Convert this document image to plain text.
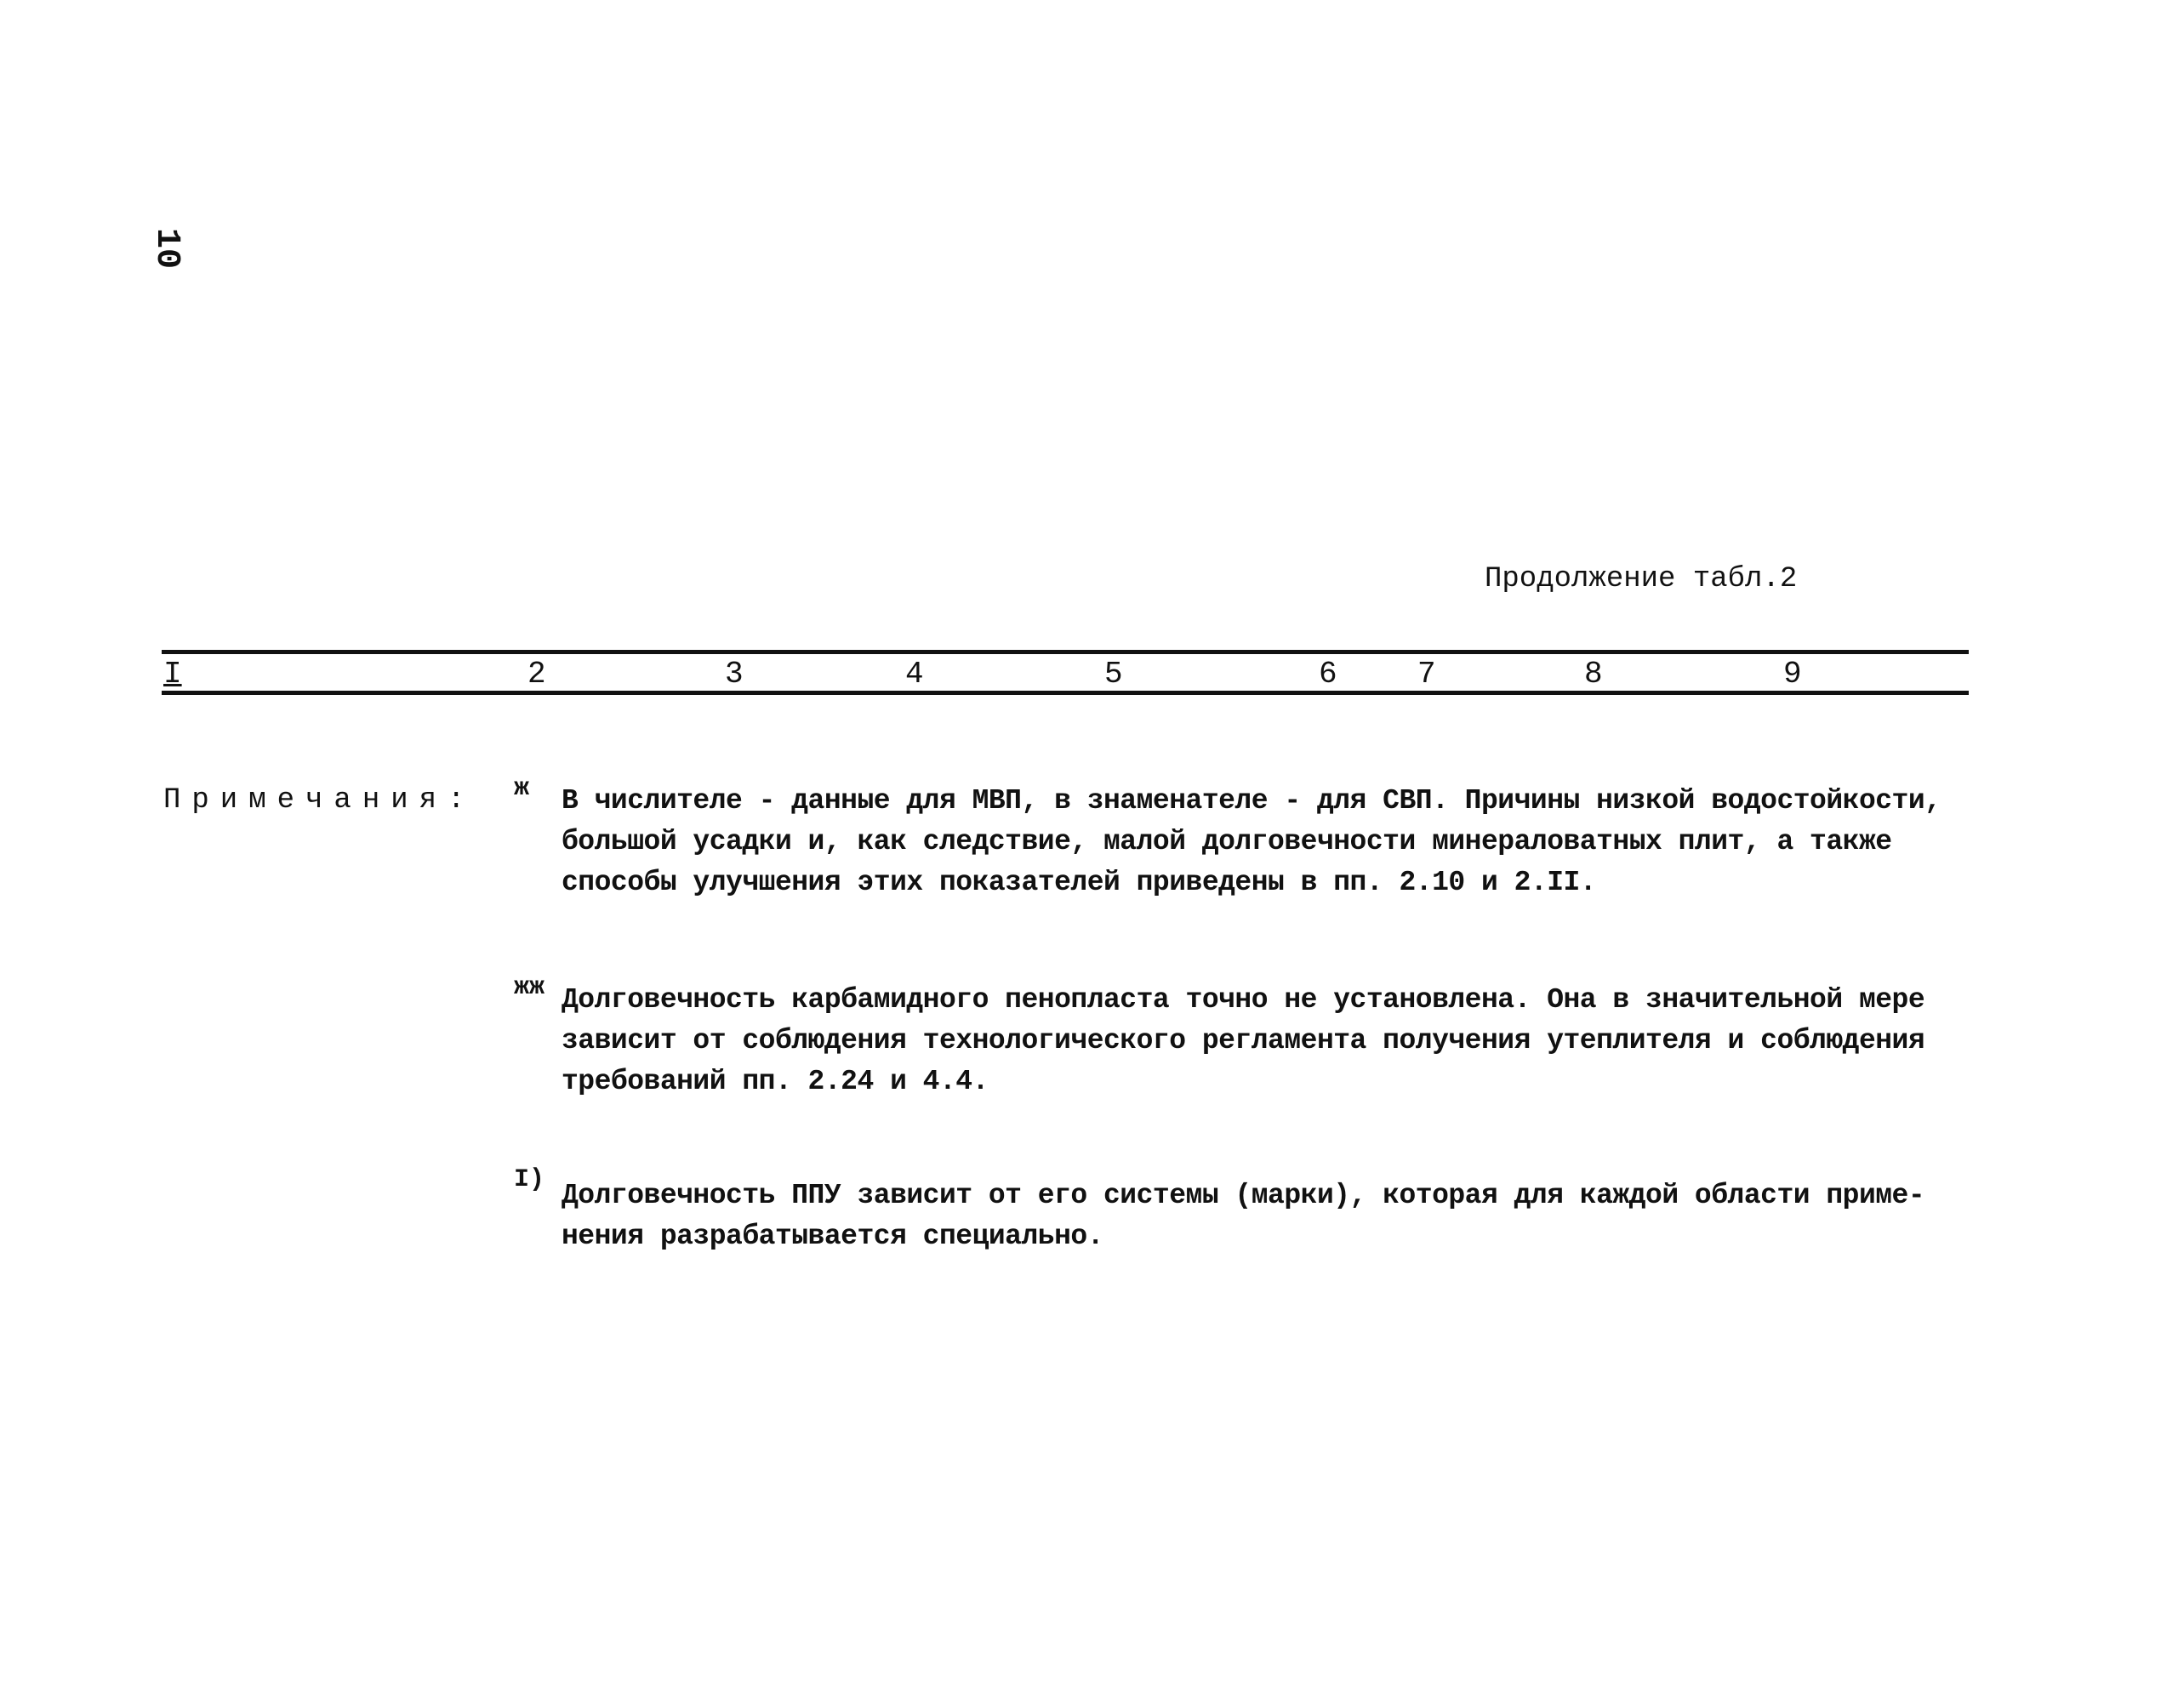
10
Продолжение табл.2
I	2	3	4	5	6	7	8	9
Примечания: ж В числителе - данные для МВП, в знаменателе - для СВП. Причины низкой водостойкости,

большой усадки и, как следствие, малой долговечности минераловатных плит, а также

способы улучшения этих показателей приведены в пп. 2.10 и 2.II.

жж Долговечность карбамидного пенопласта точно не установлена. Она в значительной мере

зависит от соблюдения технологического регламента получения утеплителя и соблюдения

требований пп. 2.24 и 4.4.

I) Долговечность ППУ зависит от его системы (марки), которая для каждой области приме-

нения разрабатывается специально.
